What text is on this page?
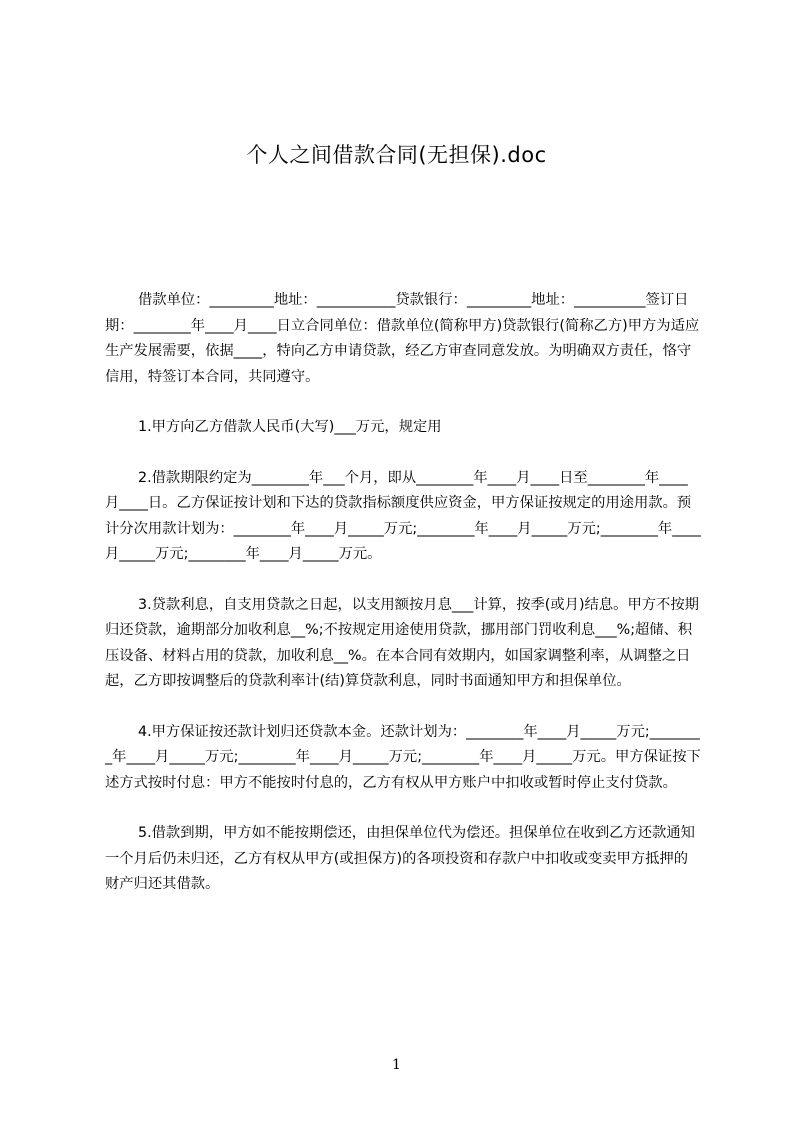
个人之间借款合同(无担保).doc

借款单位：_________地址：___________贷款银行：_________地址：__________签订日期：________年____月____日立合同单位：借款单位(简称甲方)贷款银行(简称乙方)甲方为适应生产发展需要，依据____，特向乙方申请贷款，经乙方审查同意发放。为明确双方责任，恪守信用，特签订本合同，共同遵守。

1.甲方向乙方借款人民币(大写)___万元，规定用

2.借款期限约定为________年___个月，即从________年____月____日至________年____月____日。乙方保证按计划和下达的贷款指标额度供应资金，甲方保证按规定的用途用款。预计分次用款计划为：________年____月_____万元;________年____月_____万元;________年____月_____万元;________年____月_____万元。

3.贷款利息，自支用贷款之日起，以支用额按月息___计算，按季(或月)结息。甲方不按期归还贷款，逾期部分加收利息__%;不按规定用途使用贷款，挪用部门罚收利息___%;超储、积压设备、材料占用的贷款，加收利息__%。在本合同有效期内，如国家调整利率，从调整之日起，乙方即按调整后的贷款利率计(结)算贷款利息，同时书面通知甲方和担保单位。

4.甲方保证按还款计划归还贷款本金。还款计划为：________年____月_____万元;________年____月_____万元;________年____月_____万元;________年____月_____万元。甲方保证按下述方式按时付息：甲方不能按时付息的，乙方有权从甲方账户中扣收或暂时停止支付贷款。

5.借款到期，甲方如不能按期偿还，由担保单位代为偿还。担保单位在收到乙方还款通知一个月后仍未归还，乙方有权从甲方(或担保方)的各项投资和存款户中扣收或变卖甲方抵押的财产归还其借款。

1
